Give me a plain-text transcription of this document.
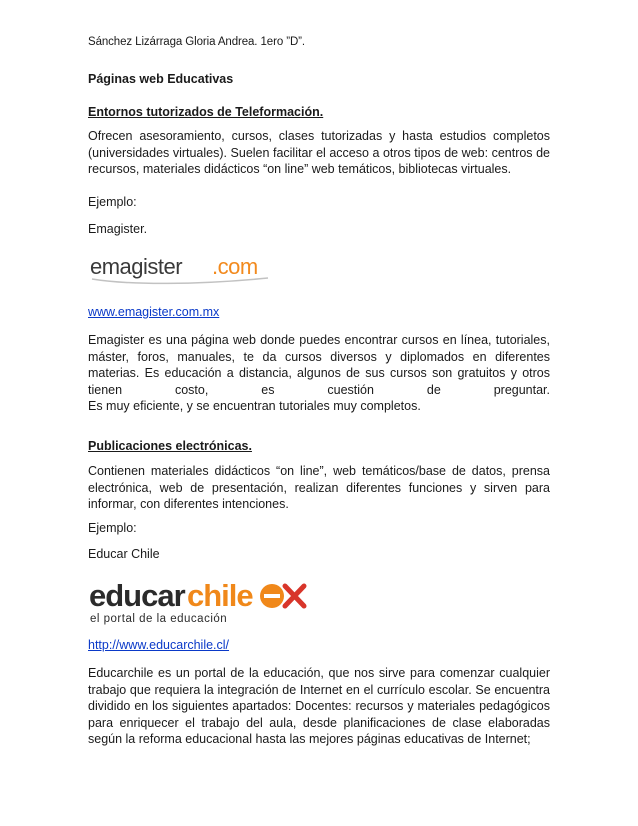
Sánchez Lizárraga Gloria Andrea. 1ero ”D”.

Páginas web Educativas

Entornos tutorizados de Teleformación.

Ofrecen asesoramiento, cursos, clases tutorizadas y hasta estudios completos (universidades virtuales). Suelen facilitar el acceso a otros tipos de web: centros de recursos, materiales didácticos “on line” web temáticos, bibliotecas virtuales.

Ejemplo:

Emagister.

emagister .com

www.emagister.com.mx

Emagister es una página web donde puedes encontrar cursos en línea, tutoriales, máster, foros, manuales, te da cursos diversos y diplomados en diferentes materias. Es educación a distancia, algunos de sus cursos son gratuitos y otros tienen costo, es cuestión de preguntar.

Es muy eficiente, y se encuentran tutoriales muy completos.

Publicaciones electrónicas.

Contienen materiales didácticos “on line”, web temáticos/base de datos, prensa electrónica, web de presentación, realizan diferentes funciones y sirven para informar, con diferentes intenciones.

Ejemplo:

Educar Chile

educar chile
el portal de la educación

http://www.educarchile.cl/

Educarchile es un portal de la educación, que nos sirve para comenzar cualquier trabajo que requiera la integración de Internet en el currículo escolar. Se encuentra dividido en los siguientes apartados: Docentes: recursos y materiales pedagógicos para enriquecer el trabajo del aula, desde planificaciones de clase elaboradas según la reforma educacional hasta las mejores páginas educativas de Internet;
